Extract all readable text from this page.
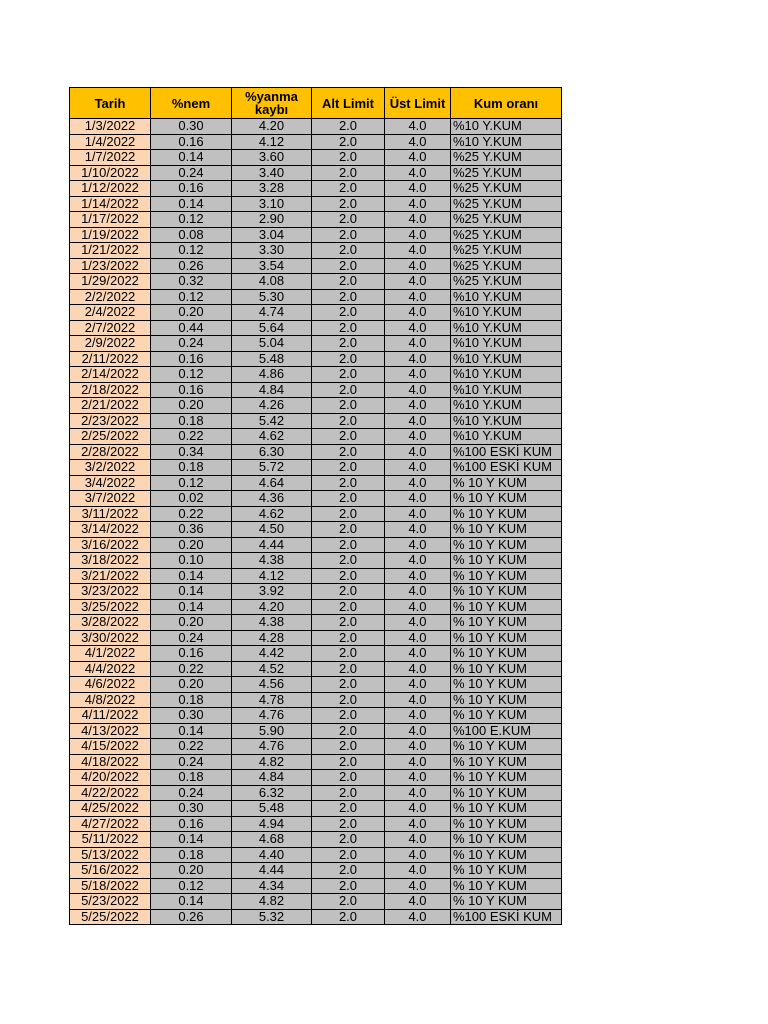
Tarih	%nem	%yanma kaybı	Alt Limit	Üst Limit	Kum oranı
1/3/2022	0.30	4.20	2.0	4.0	%10 Y.KUM
1/4/2022	0.16	4.12	2.0	4.0	%10 Y.KUM
1/7/2022	0.14	3.60	2.0	4.0	%25 Y.KUM
1/10/2022	0.24	3.40	2.0	4.0	%25 Y.KUM
1/12/2022	0.16	3.28	2.0	4.0	%25 Y.KUM
1/14/2022	0.14	3.10	2.0	4.0	%25 Y.KUM
1/17/2022	0.12	2.90	2.0	4.0	%25 Y.KUM
1/19/2022	0.08	3.04	2.0	4.0	%25 Y.KUM
1/21/2022	0.12	3.30	2.0	4.0	%25 Y.KUM
1/23/2022	0.26	3.54	2.0	4.0	%25 Y.KUM
1/29/2022	0.32	4.08	2.0	4.0	%25 Y.KUM
2/2/2022	0.12	5.30	2.0	4.0	%10 Y.KUM
2/4/2022	0.20	4.74	2.0	4.0	%10 Y.KUM
2/7/2022	0.44	5.64	2.0	4.0	%10 Y.KUM
2/9/2022	0.24	5.04	2.0	4.0	%10 Y.KUM
2/11/2022	0.16	5.48	2.0	4.0	%10 Y.KUM
2/14/2022	0.12	4.86	2.0	4.0	%10 Y.KUM
2/18/2022	0.16	4.84	2.0	4.0	%10 Y.KUM
2/21/2022	0.20	4.26	2.0	4.0	%10 Y.KUM
2/23/2022	0.18	5.42	2.0	4.0	%10 Y.KUM
2/25/2022	0.22	4.62	2.0	4.0	%10 Y.KUM
2/28/2022	0.34	6.30	2.0	4.0	%100 ESKİ KUM
3/2/2022	0.18	5.72	2.0	4.0	%100 ESKİ KUM
3/4/2022	0.12	4.64	2.0	4.0	% 10 Y KUM
3/7/2022	0.02	4.36	2.0	4.0	% 10 Y KUM
3/11/2022	0.22	4.62	2.0	4.0	% 10 Y KUM
3/14/2022	0.36	4.50	2.0	4.0	% 10 Y KUM
3/16/2022	0.20	4.44	2.0	4.0	% 10 Y KUM
3/18/2022	0.10	4.38	2.0	4.0	% 10 Y KUM
3/21/2022	0.14	4.12	2.0	4.0	% 10 Y KUM
3/23/2022	0.14	3.92	2.0	4.0	% 10 Y KUM
3/25/2022	0.14	4.20	2.0	4.0	% 10 Y KUM
3/28/2022	0.20	4.38	2.0	4.0	% 10 Y KUM
3/30/2022	0.24	4.28	2.0	4.0	% 10 Y KUM
4/1/2022	0.16	4.42	2.0	4.0	% 10 Y KUM
4/4/2022	0.22	4.52	2.0	4.0	% 10 Y KUM
4/6/2022	0.20	4.56	2.0	4.0	% 10 Y KUM
4/8/2022	0.18	4.78	2.0	4.0	% 10 Y KUM
4/11/2022	0.30	4.76	2.0	4.0	% 10 Y KUM
4/13/2022	0.14	5.90	2.0	4.0	%100 E.KUM
4/15/2022	0.22	4.76	2.0	4.0	% 10 Y KUM
4/18/2022	0.24	4.82	2.0	4.0	% 10 Y KUM
4/20/2022	0.18	4.84	2.0	4.0	% 10 Y KUM
4/22/2022	0.24	6.32	2.0	4.0	% 10 Y KUM
4/25/2022	0.30	5.48	2.0	4.0	% 10 Y KUM
4/27/2022	0.16	4.94	2.0	4.0	% 10 Y KUM
5/11/2022	0.14	4.68	2.0	4.0	% 10 Y KUM
5/13/2022	0.18	4.40	2.0	4.0	% 10 Y KUM
5/16/2022	0.20	4.44	2.0	4.0	% 10 Y KUM
5/18/2022	0.12	4.34	2.0	4.0	% 10 Y KUM
5/23/2022	0.14	4.82	2.0	4.0	% 10 Y KUM
5/25/2022	0.26	5.32	2.0	4.0	%100 ESKİ KUM
